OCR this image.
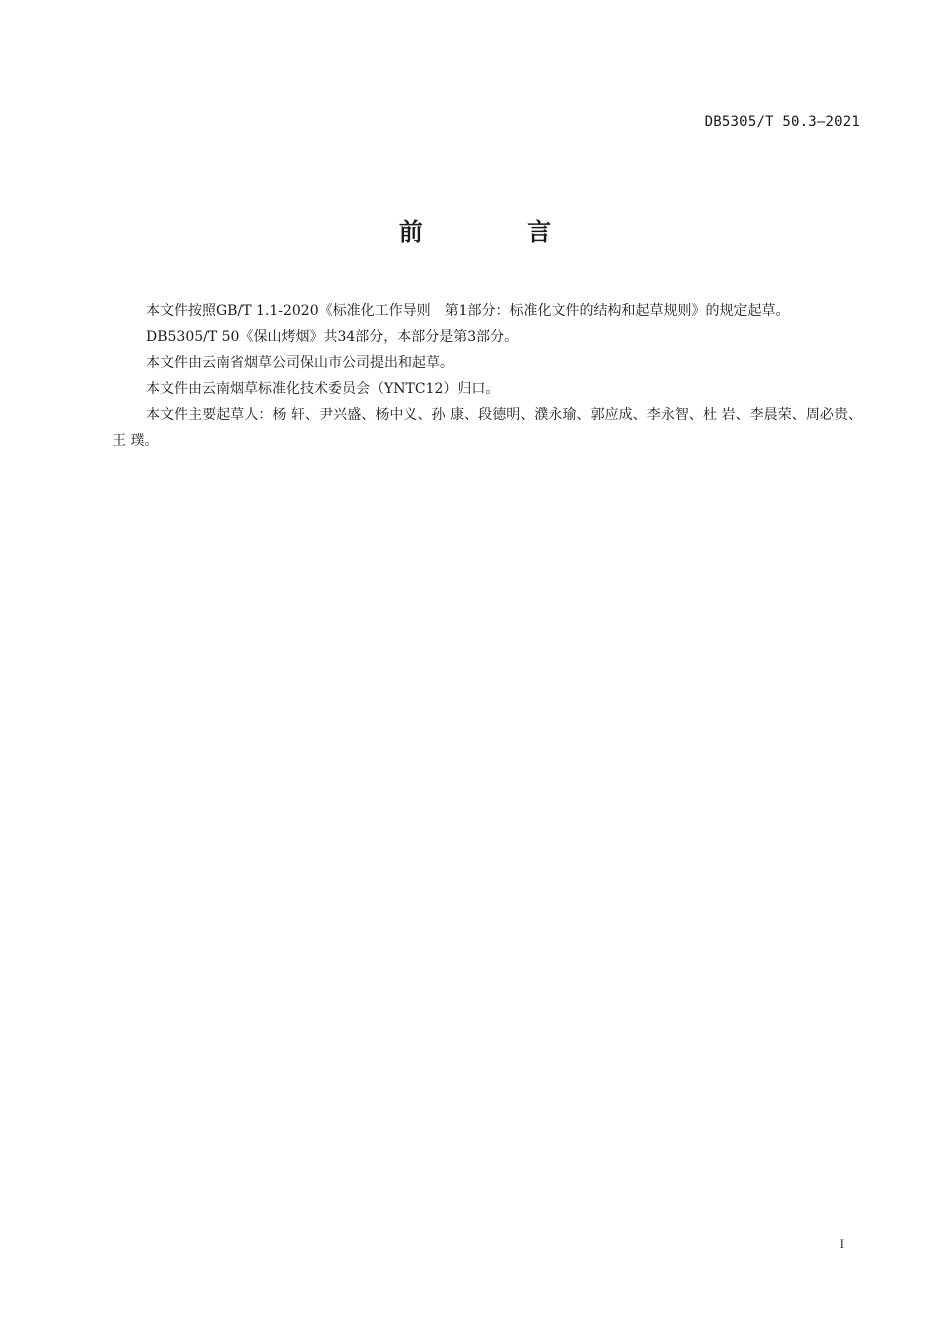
DB5305/T 50.3—2021
前 言

本文件按照GB/T 1.1-2020《标准化工作导则　第1部分：标准化文件的结构和起草规则》的规定起草。

DB5305/T 50《保山烤烟》共34部分，本部分是第3部分。

本文件由云南省烟草公司保山市公司提出和起草。

本文件由云南烟草标准化技术委员会（YNTC12）归口。

本文件主要起草人：杨 轩、尹兴盛、杨中义、孙 康、段德明、濮永瑜、郭应成、李永智、杜 岩、李晨荣、周必贵、王 璞。

I
